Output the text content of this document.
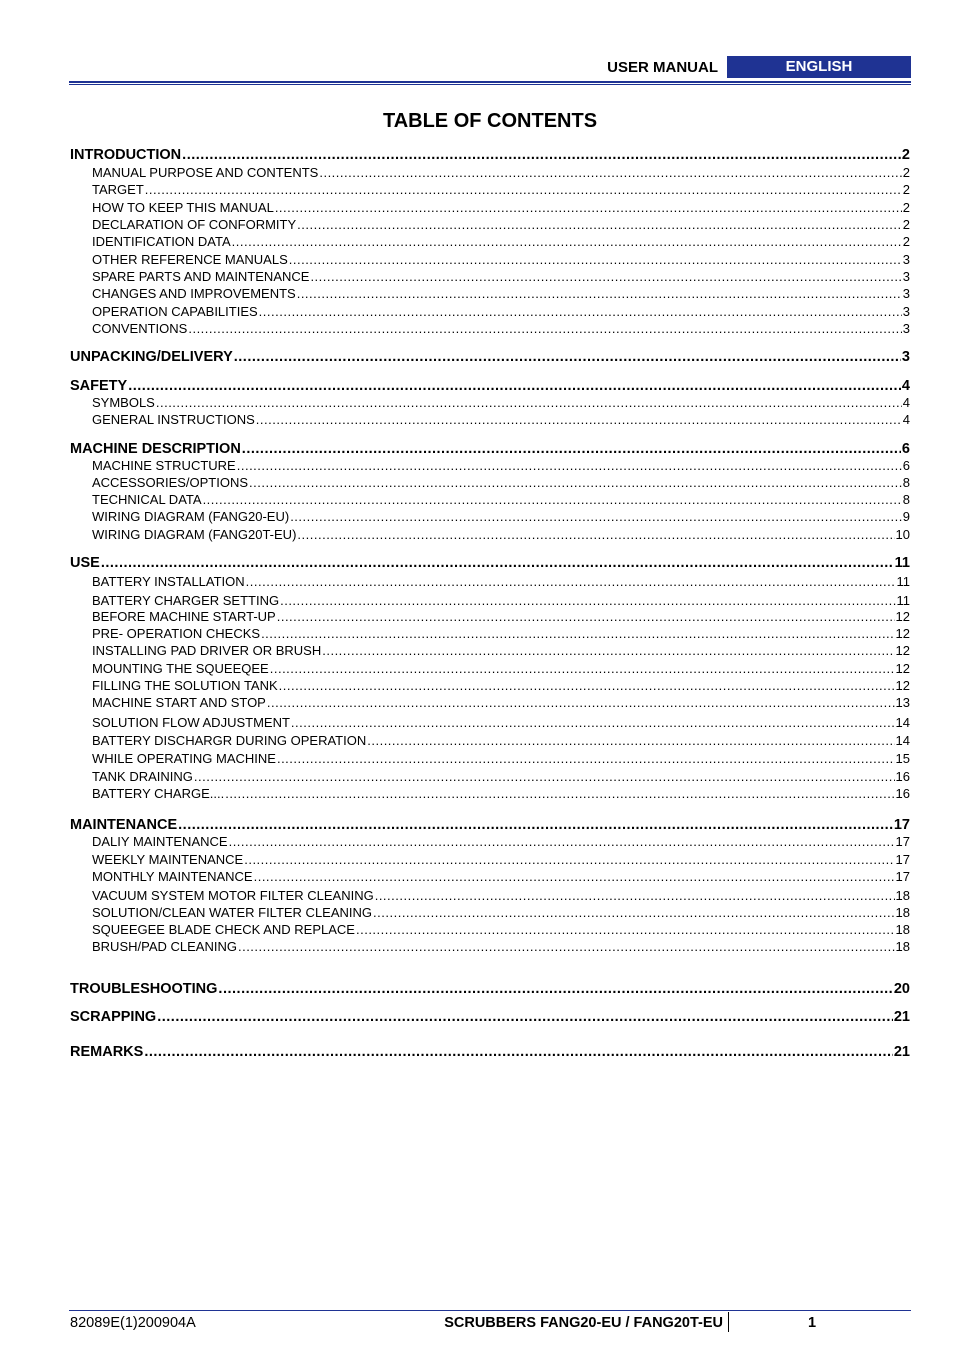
USER MANUAL	ENGLISH
TABLE OF CONTENTS
INTRODUCTION .....	2
MANUAL PURPOSE AND CONTENTS .....	2
TARGET .....	2
HOW TO KEEP THIS MANUAL .....	2
DECLARATION OF CONFORMITY .....	2
IDENTIFICATION DATA .....	2
OTHER REFERENCE MANUALS .....	3
SPARE PARTS AND MAINTENANCE .....	3
CHANGES AND IMPROVEMENTS .....	3
OPERATION CAPABILITIES .....	3
CONVENTIONS .....	3
UNPACKING/DELIVERY .....	3
SAFETY .....	4
SYMBOLS .....	4
GENERAL INSTRUCTIONS .....	4
MACHINE DESCRIPTION .....	6
MACHINE STRUCTURE .....	6
ACCESSORIES/OPTIONS .....	8
TECHNICAL DATA .....	8
WIRING DIAGRAM (FANG20-EU) .....	9
WIRING DIAGRAM (FANG20T-EU) .....	10
USE .....	11
BATTERY INSTALLATION .....	11
BATTERY CHARGER SETTING .....	11
BEFORE MACHINE START-UP .....	12
PRE- OPERATION CHECKS .....	12
INSTALLING PAD DRIVER OR BRUSH .....	12
MOUNTING THE SQUEEQEE .....	12
FILLING THE SOLUTION TANK .....	12
MACHINE START AND STOP .....	13
SOLUTION FLOW ADJUSTMENT .....	14
BATTERY DISCHARGR DURING OPERATION .....	14
WHILE OPERATING MACHINE .....	15
TANK DRAINING .....	16
BATTERY CHARGE.... .....	16
MAINTENANCE .....	17
DALIY MAINTENANCE .....	17
WEEKLY MAINTENANCE .....	17
MONTHLY MAINTENANCE .....	17
VACUUM SYSTEM MOTOR FILTER CLEANING .....	18
SOLUTION/CLEAN WATER FILTER CLEANING .....	18
SQUEEGEE BLADE CHECK AND REPLACE .....	18
BRUSH/PAD CLEANING .....	18
TROUBLESHOOTING .....	20
SCRAPPING .....	21
REMARKS .....	21
82089E(1)200904A	SCRUBBERS FANG20-EU / FANG20T-EU	1
